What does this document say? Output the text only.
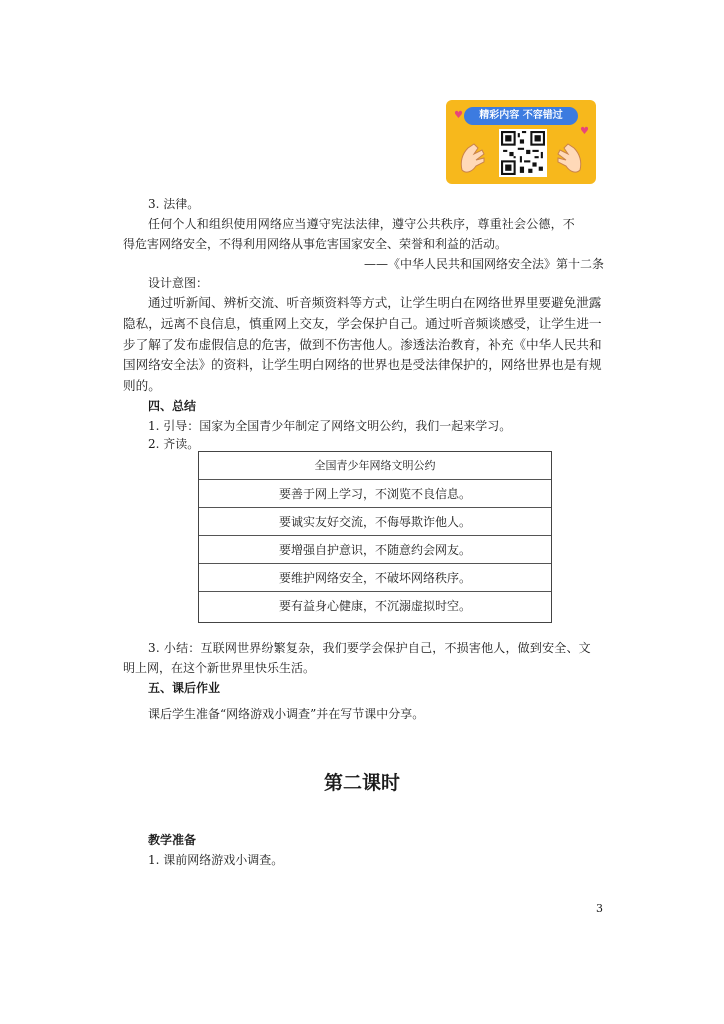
精彩内容 不容错过
♥
♥
3. 法律。
任何个人和组织使用网络应当遵守宪法法律，遵守公共秩序，尊重社会公德，不
得危害网络安全，不得利用网络从事危害国家安全、荣誉和利益的活动。
——《中华人民共和国网络安全法》第十二条
设计意图：
通过听新闻、辨析交流、听音频资料等方式，让学生明白在网络世界里要避免泄露
隐私，远离不良信息，慎重网上交友，学会保护自己。通过听音频谈感受，让学生进一
步了解了发布虚假信息的危害，做到不伤害他人。渗透法治教育，补充《中华人民共和
国网络安全法》的资料，让学生明白网络的世界也是受法律保护的，网络世界也是有规
则的。
四、总结
1. 引导：国家为全国青少年制定了网络文明公约，我们一起来学习。
2. 齐读。
全国青少年网络文明公约
要善于网上学习，不浏览不良信息。
要诚实友好交流，不侮辱欺诈他人。
要增强自护意识，不随意约会网友。
要维护网络安全，不破坏网络秩序。
要有益身心健康，不沉溺虚拟时空。
3. 小结：互联网世界纷繁复杂，我们要学会保护自己，不损害他人，做到安全、文
明上网，在这个新世界里快乐生活。
五、课后作业
课后学生准备“网络游戏小调查”并在写节课中分享。
第二课时
教学准备
1. 课前网络游戏小调查。
3
